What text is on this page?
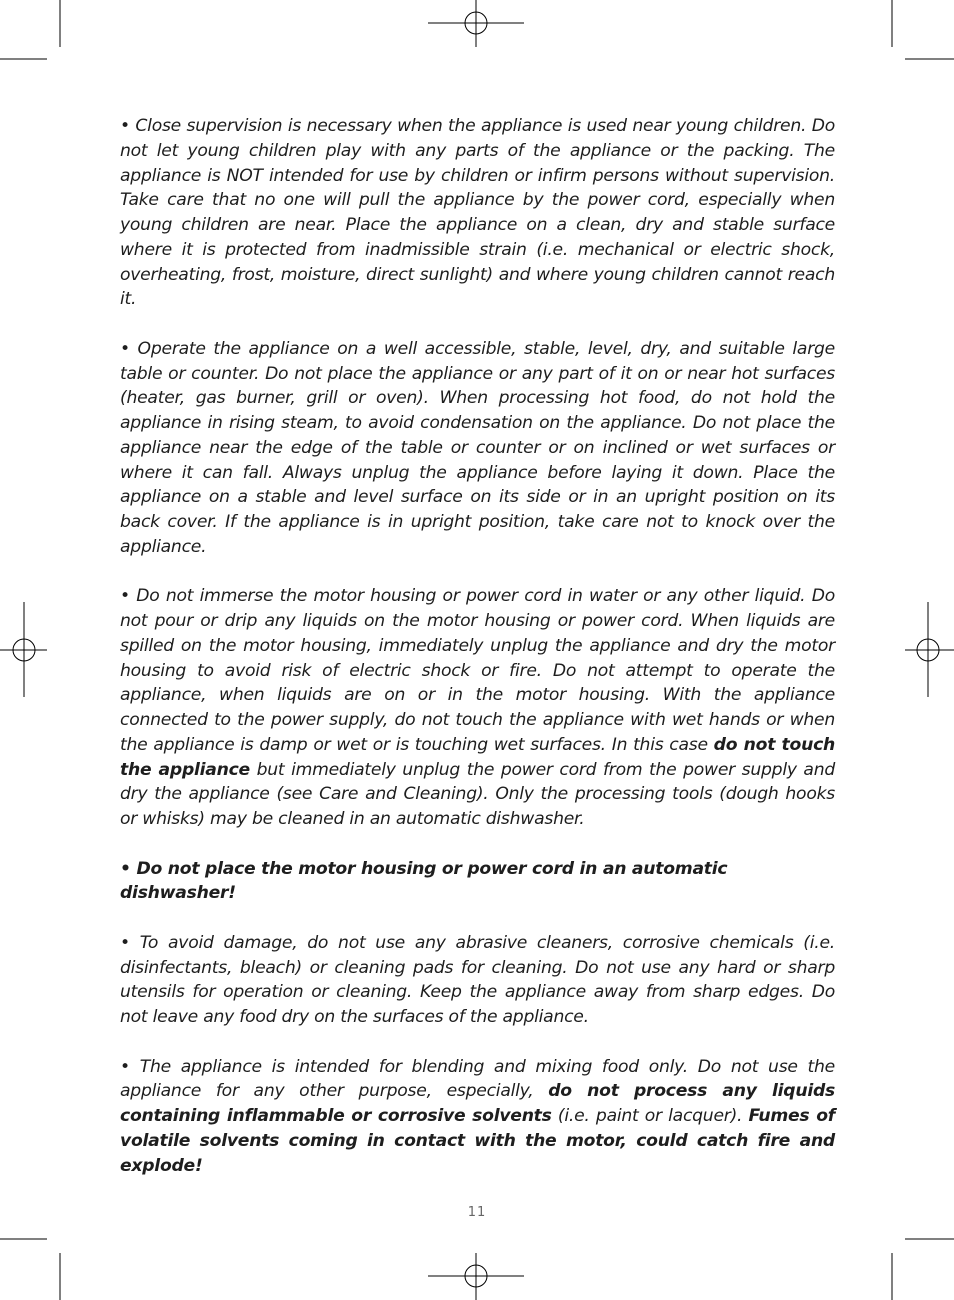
• Close supervision is necessary when the appliance is used near young children. Do not let young children play with any parts of the appliance or the packing. The appliance is NOT intended for use by children or infirm persons without supervision. Take care that no one will pull the appliance by the power cord, especially when young children are near. Place the appliance on a clean, dry and stable surface where it is protected from inadmissible strain (i.e. mechanical or electric shock, overheating, frost, moisture, direct sunlight) and where young children cannot reach it.

• Operate the appliance on a well accessible, stable, level, dry, and suitable large table or counter. Do not place the appliance or any part of it on or near hot surfaces (heater, gas burner, grill or oven). When processing hot food, do not hold the appliance in rising steam, to avoid condensation on the appliance. Do not place the appliance near the edge of the table or counter or on inclined or wet surfaces or where it can fall. Always unplug the appliance before laying it down. Place the appliance on a stable and level surface on its side or in an upright position on its back cover. If the appliance is in upright position, take care not to knock over the appliance.

• Do not immerse the motor housing or power cord in water or any other liquid. Do not pour or drip any liquids on the motor housing or power cord. When liquids are spilled on the motor housing, immediately unplug the appliance and dry the motor housing to avoid risk of electric shock or fire. Do not attempt to operate the appliance, when liquids are on or in the motor housing. With the appliance connected to the power supply, do not touch the appliance with wet hands or when the appliance is damp or wet or is touching wet surfaces. In this case do not touch the appliance but immediately unplug the power cord from the power supply and dry the appliance (see Care and Cleaning). Only the processing tools (dough hooks or whisks) may be cleaned in an automatic dishwasher.

• Do not place the motor housing or power cord in an automatic dishwasher!

• To avoid damage, do not use any abrasive cleaners, corrosive chemicals (i.e. disinfectants, bleach) or cleaning pads for cleaning. Do not use any hard or sharp utensils for operation or cleaning. Keep the appliance away from sharp edges. Do not leave any food dry on the surfaces of the appliance.

• The appliance is intended for blending and mixing food only. Do not use the appliance for any other purpose, especially, do not process any liquids containing inflammable or corrosive solvents (i.e. paint or lacquer). Fumes of volatile solvents coming in contact with the motor, could catch fire and explode!

11
